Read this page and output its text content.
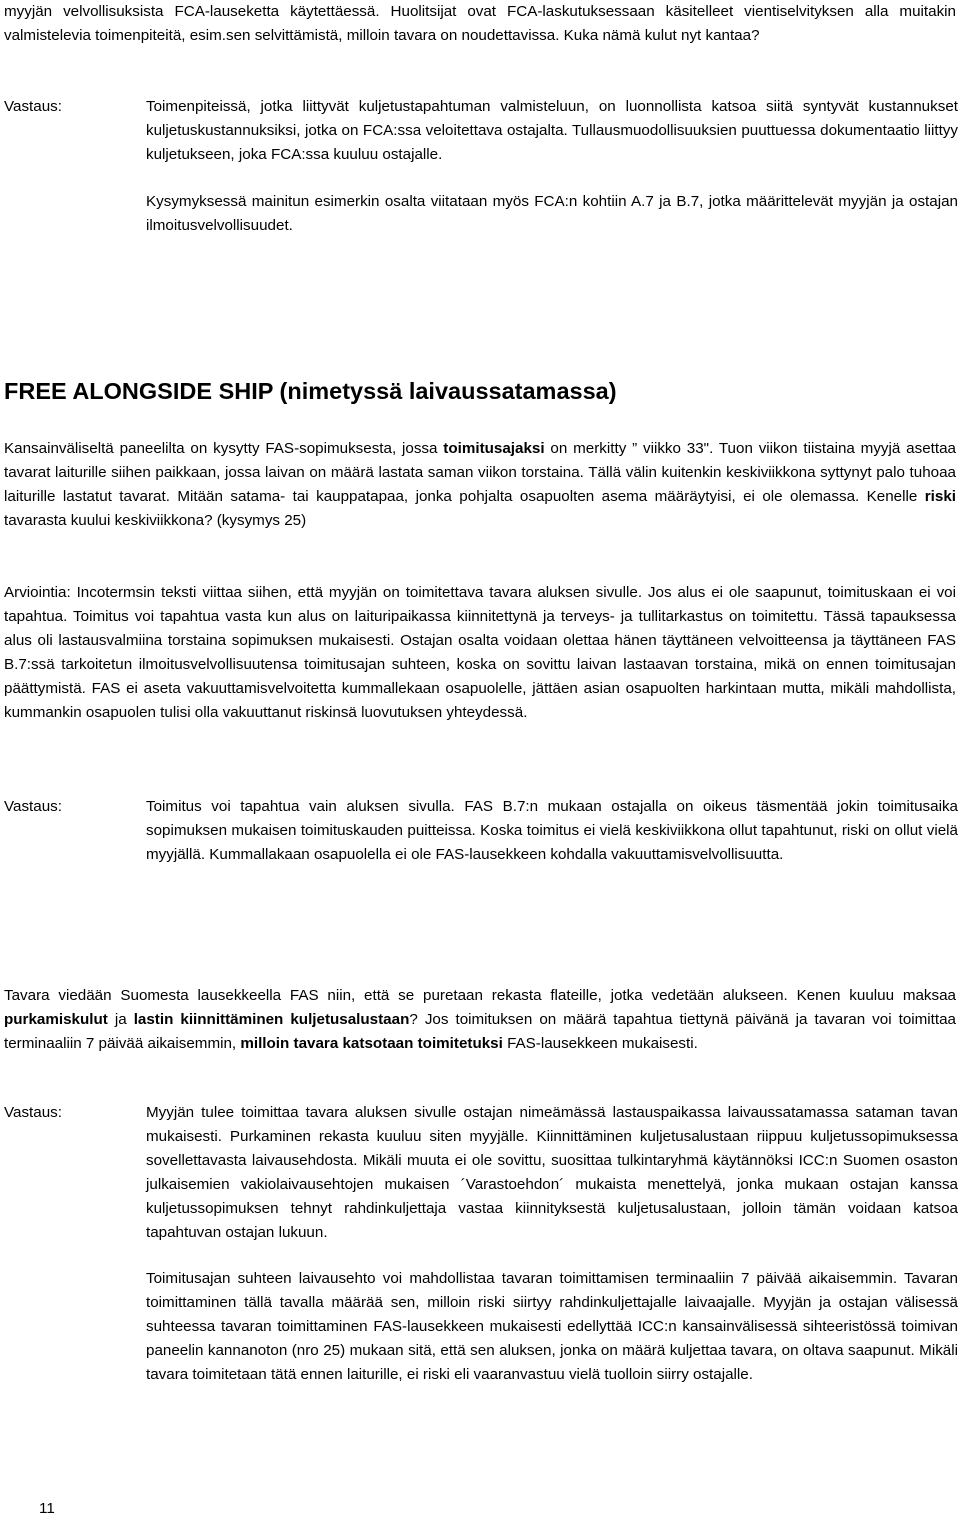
myyjän velvollisuksista FCA-lauseketta käytettäessä. Huolitsijat ovat FCA-laskutuksessaan käsitelleet vientiselvityksen alla muitakin valmistelevia toimenpiteitä, esim.sen selvittämistä, milloin tavara on noudettavissa. Kuka nämä kulut nyt kantaa?

Vastaus:	Toimenpiteissä, jotka liittyvät kuljetustapahtuman valmisteluun, on luonnollista katsoa siitä syntyvät kustannukset kuljetuskustannuksiksi, jotka on FCA:ssa veloitettava ostajalta. Tullausmuodollisuuksien puuttuessa dokumentaatio liittyy kuljetukseen, joka FCA:ssa kuuluu ostajalle.

Kysymyksessä mainitun esimerkin osalta viitataan myös FCA:n kohtiin A.7 ja B.7, jotka määrittelevät myyjän ja ostajan ilmoitusvelvollisuudet.

FREE ALONGSIDE SHIP (nimetyssä laivaussatamassa)

Kansainväliseltä paneelilta on kysytty FAS-sopimuksesta, jossa toimitusajaksi on merkitty ” viikko 33". Tuon viikon tiistaina myyjä asettaa tavarat laiturille siihen paikkaan, jossa laivan on määrä lastata saman viikon torstaina. Tällä välin kuitenkin keskiviikkona syttynyt palo tuhoaa laiturille lastatut tavarat. Mitään satama- tai kauppatapaa, jonka pohjalta osapuolten asema määräytyisi, ei ole olemassa. Kenelle riski tavarasta kuului keskiviikkona? (kysymys 25)

Arviointia: Incotermsin teksti viittaa siihen, että myyjän on toimitettava tavara aluksen sivulle. Jos alus ei ole saapunut, toimituskaan ei voi tapahtua. Toimitus voi tapahtua vasta kun alus on laituripaikassa kiinnitettynä ja terveys- ja tullitarkastus on toimitettu. Tässä tapauksessa alus oli lastausvalmiina torstaina sopimuksen mukaisesti. Ostajan osalta voidaan olettaa hänen täyttäneen velvoitteensa ja täyttäneen FAS B.7:ssä tarkoitetun ilmoitusvelvollisuutensa toimitusajan suhteen, koska on sovittu laivan lastaavan torstaina, mikä on ennen toimitusajan päättymistä. FAS ei aseta vakuuttamisvelvoitetta kummallekaan osapuolelle, jättäen asian osapuolten harkintaan mutta, mikäli mahdollista, kummankin osapuolen tulisi olla vakuuttanut riskinsä luovutuksen yhteydessä.

Vastaus:	Toimitus voi tapahtua vain aluksen sivulla. FAS B.7:n mukaan ostajalla on oikeus täsmentää jokin toimitusaika sopimuksen mukaisen toimituskauden puitteissa. Koska toimitus ei vielä keskiviikkona ollut tapahtunut, riski on ollut vielä myyjällä. Kummallakaan osapuolella ei ole FAS-lausekkeen kohdalla vakuuttamisvelvollisuutta.

Tavara viedään Suomesta lausekkeella FAS niin, että se puretaan rekasta flateille, jotka vedetään alukseen. Kenen kuuluu maksaa purkamiskulut ja lastin kiinnittäminen kuljetusalustaan? Jos toimituksen on määrä tapahtua tiettynä päivänä ja tavaran voi toimittaa terminaaliin 7 päivää aikaisemmin, milloin tavara katsotaan toimitetuksi FAS-lausekkeen mukaisesti.

Vastaus:	Myyjän tulee toimittaa tavara aluksen sivulle ostajan nimeämässä lastauspaikassa laivaussatamassa sataman tavan mukaisesti. Purkaminen rekasta kuuluu siten myyjälle. Kiinnittäminen kuljetusalustaan riippuu kuljetussopimuksessa sovellettavasta laivausehdosta. Mikäli muuta ei ole sovittu, suosittaa tulkintaryhmä käytännöksi ICC:n Suomen osaston julkaisemien vakiolaivausehtojen mukaisen ´Varastoehdon´ mukaista menettelyä, jonka mukaan ostajan kanssa kuljetussopimuksen tehnyt rahdinkuljettaja vastaa kiinnityksestä kuljetusalustaan, jolloin tämän voidaan katsoa tapahtuvan ostajan lukuun.

Toimitusajan suhteen laivausehto voi mahdollistaa tavaran toimittamisen terminaaliin 7 päivää aikaisemmin. Tavaran toimittaminen tällä tavalla määrää sen, milloin riski siirtyy rahdinkuljettajalle laivaajalle. Myyjän ja ostajan välisessä suhteessa tavaran toimittaminen FAS-lausekkeen mukaisesti edellyttää ICC:n kansainvälisessä sihteeristössä toimivan paneelin kannanoton (nro 25) mukaan sitä, että sen aluksen, jonka on määrä kuljettaa tavara, on oltava saapunut. Mikäli tavara toimitetaan tätä ennen laiturille, ei riski eli vaaranvastuu vielä tuolloin siirry ostajalle.

11
